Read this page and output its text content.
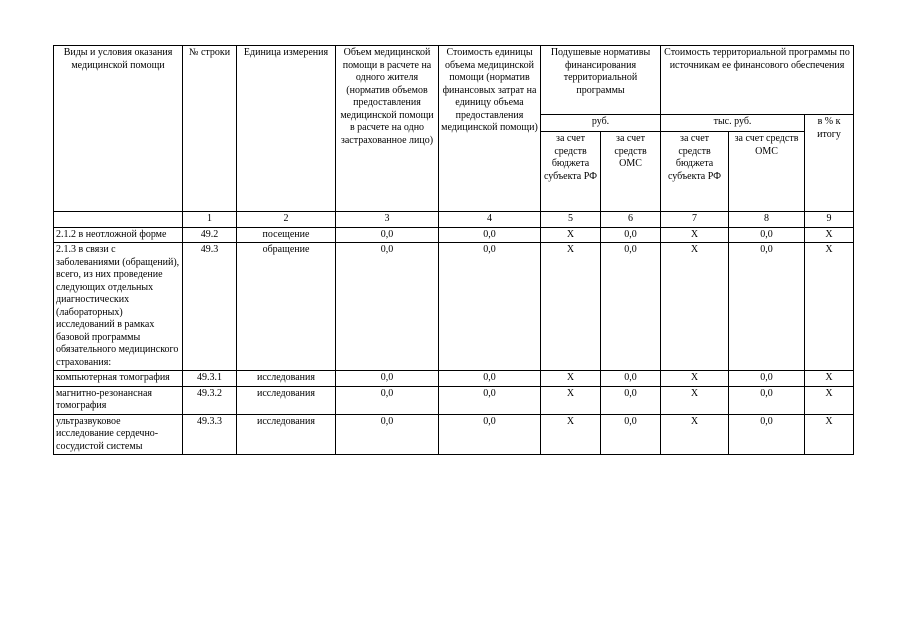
Виды и условия оказания медицинской помощи	№ строки	Единица измерения	Объем медицинской помощи в расчете на одного жителя (норматив объемов предоставления медицинской помощи в расчете на одно застрахованное лицо)	Стоимость единицы объема медицинской помощи (норматив финансовых затрат на единицу объема предоставления медицинской помощи)	Подушевые нормативы финансирования территориальной программы		Стоимость территориальной программы по источникам ее финансового обеспечения		
					руб.		тыс. руб.		в % к итогу
					за счет средств бюджета субъекта РФ	за счет средств ОМС	за счет средств бюджета субъекта РФ	за счет средств ОМС	
	1	2	3	4	5	6	7	8	9
2.1.2 в неотложной форме	49.2	посещение	0,0	0,0	Х	0,0	Х	0,0	Х
2.1.3 в связи с заболеваниями (обращений), всего, из них проведение следующих отдельных диагностических (лабораторных) исследований в рамках базовой программы обязательного медицинского страхования:	49.3	обращение	0,0	0,0	Х	0,0	Х	0,0	Х
компьютерная томография	49.3.1	исследования	0,0	0,0	Х	0,0	Х	0,0	Х
магнитно-резонансная томография	49.3.2	исследования	0,0	0,0	Х	0,0	Х	0,0	Х
ультразвуковое исследование сердечно-сосудистой системы	49.3.3	исследования	0,0	0,0	Х	0,0	Х	0,0	Х
